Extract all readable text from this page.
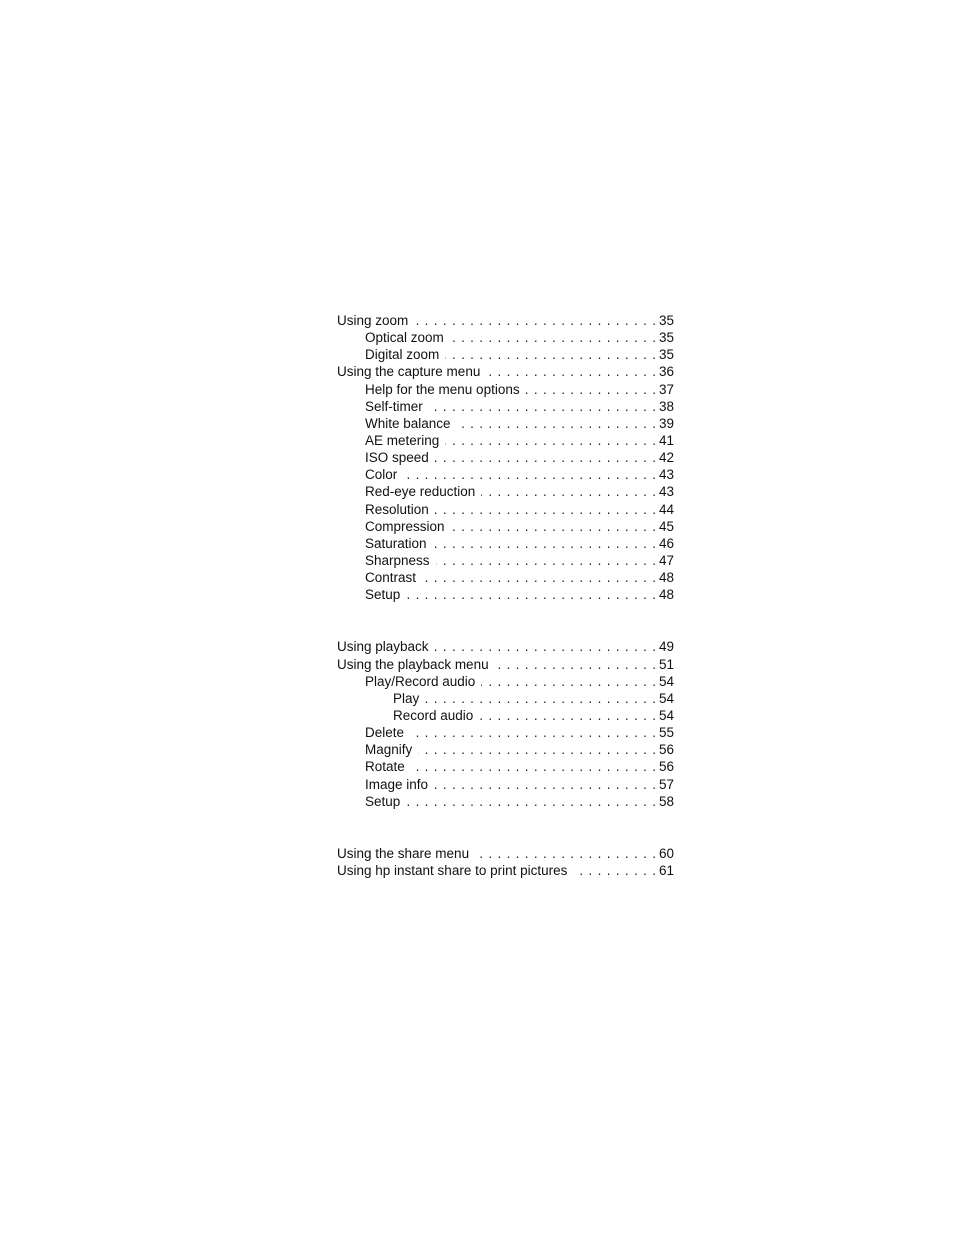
Using zoom . . .	35
Optical zoom . . .	35
Digital zoom . . .	35
Using the capture menu . . .	36
Help for the menu options . . .	37
Self-timer . . .	38
White balance . . .	39
AE metering . . .	41
ISO speed . . .	42
Color . . .	43
Red-eye reduction . . .	43
Resolution . . .	44
Compression . . .	45
Saturation . . .	46
Sharpness . . .	47
Contrast . . .	48
Setup . . .	48
Using playback . . .	49
Using the playback menu . . .	51
Play/Record audio . . .	54
Play . . .	54
Record audio . . .	54
Delete . . .	55
Magnify . . .	56
Rotate . . .	56
Image info . . .	57
Setup . . .	58
Using the share menu . . .	60
Using hp instant share to print pictures . . .	61
